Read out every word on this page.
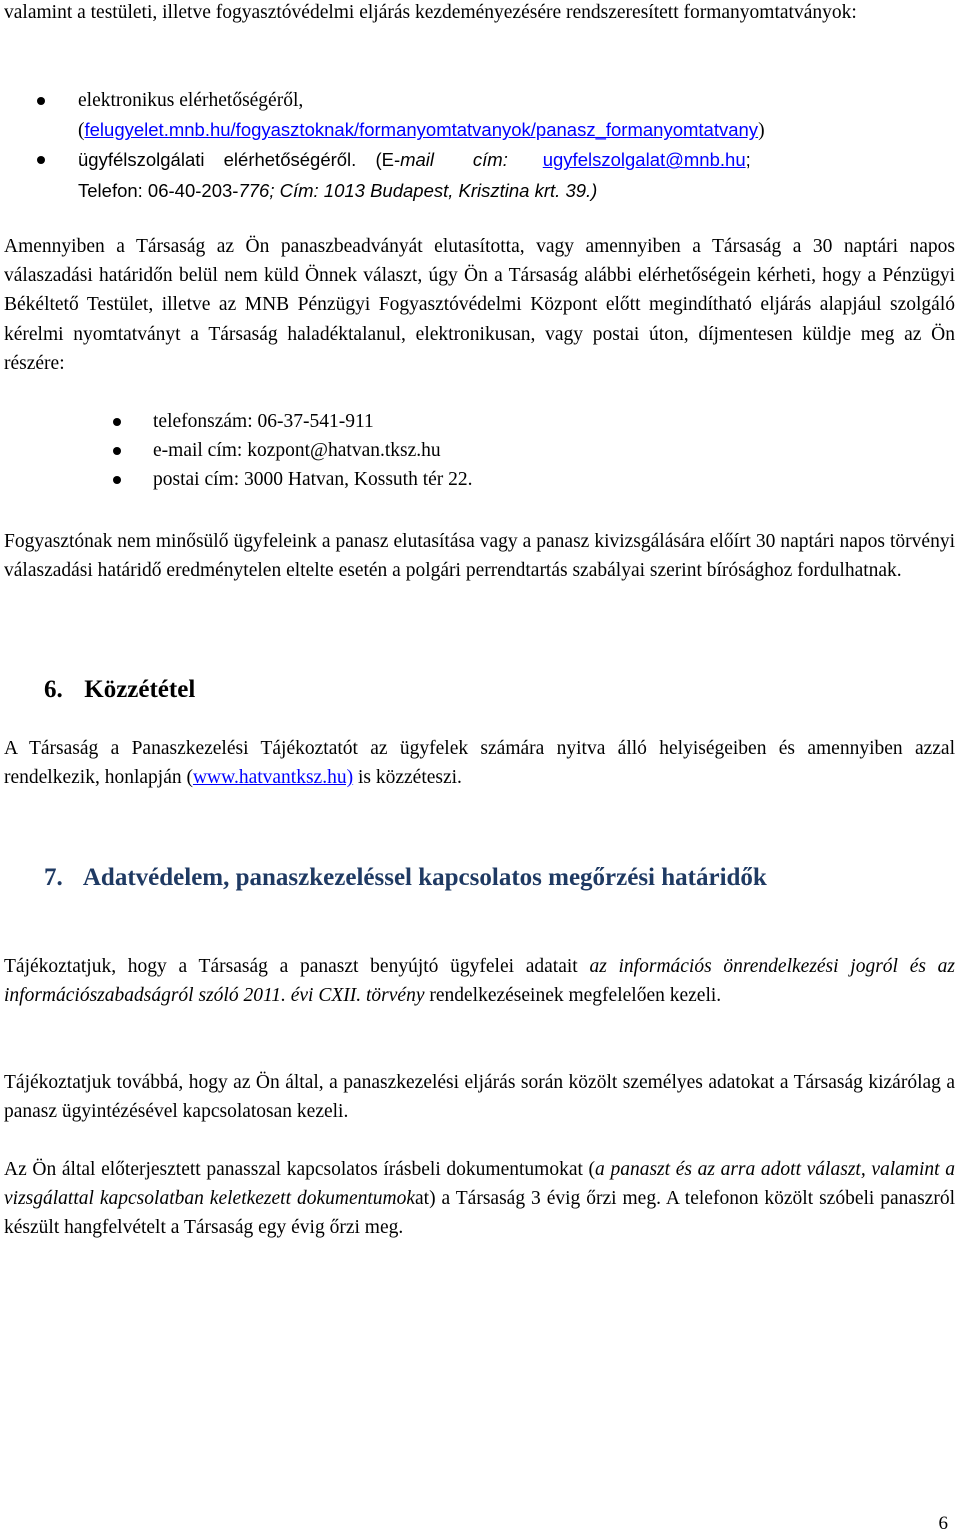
valamint a testületi, illetve fogyasztóvédelmi eljárás kezdeményezésére rendszeresített formanyomtatványok:

elektronikus elérhetőségéről,
(felugyelet.mnb.hu/fogyasztoknak/formanyomtatvanyok/panasz_formanyomtatvany)
ügyfélszolgálati elérhetőségéről. (E-mail cím: ugyfelszolgalat@mnb.hu;
Telefon: 06-40-203-776; Cím: 1013 Budapest, Krisztina krt. 39.)

Amennyiben a Társaság az Ön panaszbeadványát elutasította, vagy amennyiben a Társaság a 30 naptári napos válaszadási határidőn belül nem küld Önnek választ, úgy Ön a Társaság alábbi elérhetőségein kérheti, hogy a Pénzügyi Békéltető Testület, illetve az MNB Pénzügyi Fogyasztóvédelmi Központ előtt megindítható eljárás alapjául szolgáló kérelmi nyomtatványt a Társaság haladéktalanul, elektronikusan, vagy postai úton, díjmentesen küldje meg az Ön részére:

telefonszám: 06-37-541-911
e-mail cím: kozpont@hatvan.tksz.hu
postai cím: 3000 Hatvan, Kossuth tér 22.

Fogyasztónak nem minősülő ügyfeleink a panasz elutasítása vagy a panasz kivizsgálására előírt 30 naptári napos törvényi válaszadási határidő eredménytelen eltelte esetén a polgári perrendtartás szabályai szerint bírósághoz fordulhatnak.

6. Közzététel

A Társaság a Panaszkezelési Tájékoztatót az ügyfelek számára nyitva álló helyiségeiben és amennyiben azzal rendelkezik, honlapján (www.hatvantksz.hu) is közzéteszi.

7. Adatvédelem, panaszkezeléssel kapcsolatos megőrzési határidők

Tájékoztatjuk, hogy a Társaság a panaszt benyújtó ügyfelei adatait az információs önrendelkezési jogról és az információszabadságról szóló 2011. évi CXII. törvény rendelkezéseinek megfelelően kezeli.

Tájékoztatjuk továbbá, hogy az Ön által, a panaszkezelési eljárás során közölt személyes adatokat a Társaság kizárólag a panasz ügyintézésével kapcsolatosan kezeli.

Az Ön által előterjesztett panasszal kapcsolatos írásbeli dokumentumokat (a panaszt és az arra adott választ, valamint a vizsgálattal kapcsolatban keletkezett dokumentumokat) a Társaság 3 évig őrzi meg. A telefonon közölt szóbeli panaszról készült hangfelvételt a Társaság egy évig őrzi meg.

6
